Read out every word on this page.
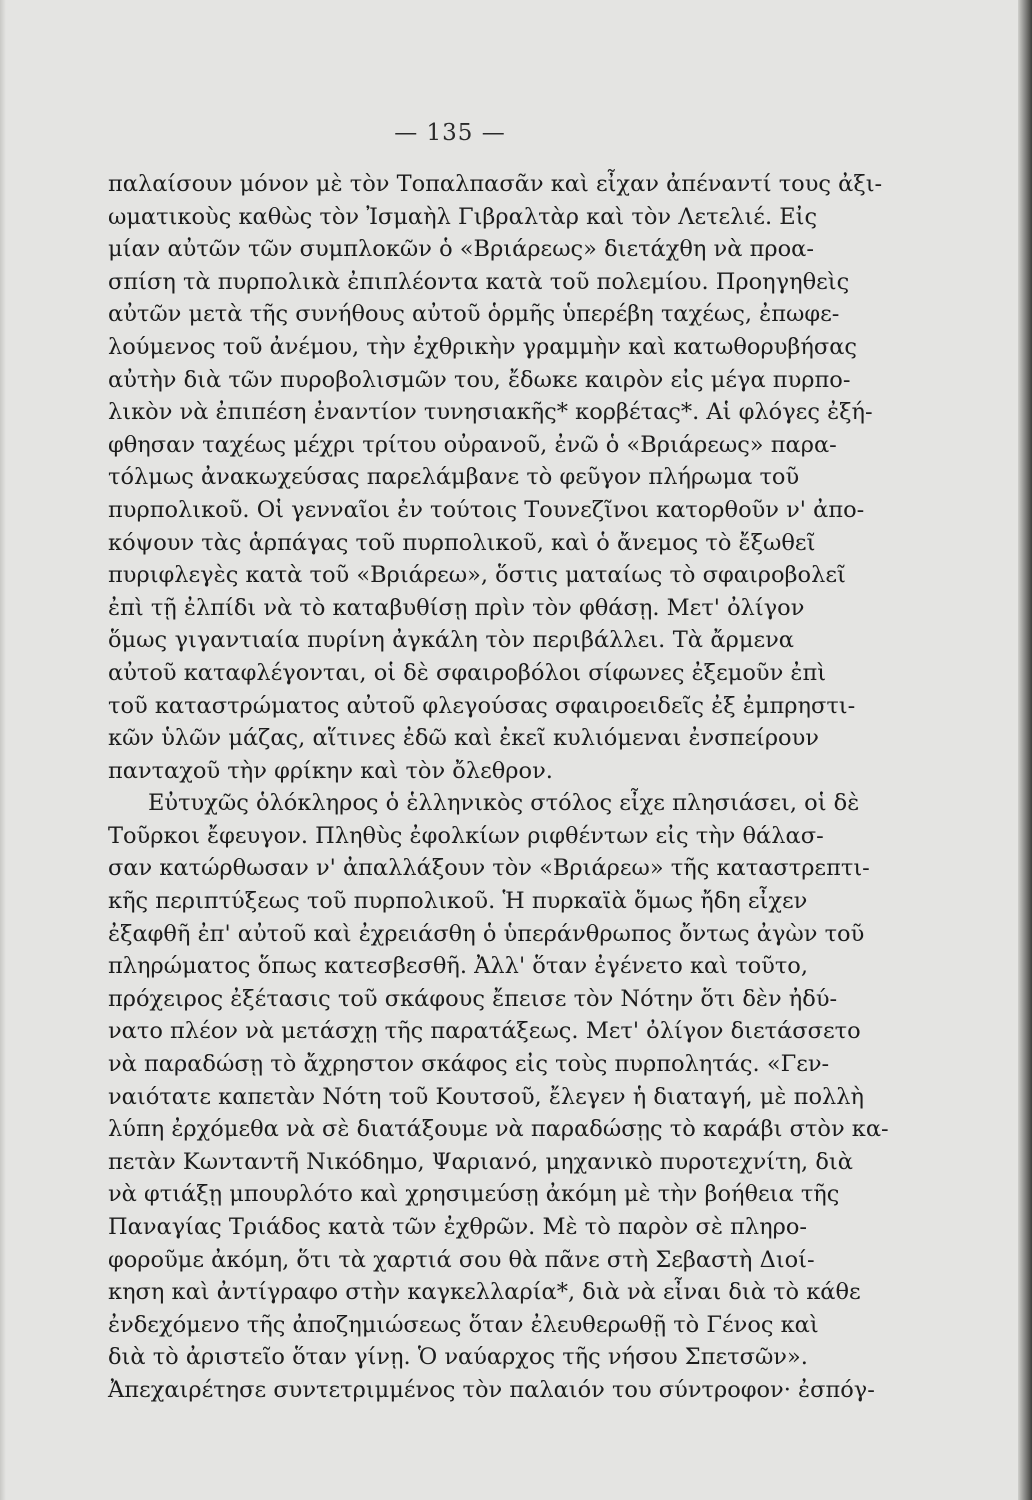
— 135 —
παλαίσουν μόνον μὲ τὸν Τοπαλπασᾶν καὶ εἶχαν ἀπέναντί τους ἀξι-
ωματικοὺς καθὼς τὸν Ἰσμαὴλ Γιβραλτὰρ καὶ τὸν Λετελιέ. Εἰς
μίαν αὐτῶν τῶν συμπλοκῶν ὁ «Βριάρεως» διετάχθη νὰ προα-
σπίση τὰ πυρπολικὰ ἐπιπλέοντα κατὰ τοῦ πολεμίου. Προηγηθεὶς
αὐτῶν μετὰ τῆς συνήθους αὐτοῦ ὁρμῆς ὑπερέβη ταχέως, ἐπωφε-
λούμενος τοῦ ἀνέμου, τὴν ἐχθρικὴν γραμμὴν καὶ κατωθορυβήσας
αὐτὴν διὰ τῶν πυροβολισμῶν του, ἔδωκε καιρὸν εἰς μέγα πυρπο-
λικὸν νὰ ἐπιπέση ἐναντίον τυνησιακῆς* κορβέτας*. Αἱ φλόγες ἐξή-
φθησαν ταχέως μέχρι τρίτου οὐρανοῦ, ἐνῶ ὁ «Βριάρεως» παρα-
τόλμως ἀνακωχεύσας παρελάμβανε τὸ φεῦγον πλήρωμα τοῦ
πυρπολικοῦ. Οἱ γενναῖοι ἐν τούτοις Τουνεζῖνοι κατορθοῦν ν' ἀπο-
κόψουν τὰς ἁρπάγας τοῦ πυρπολικοῦ, καὶ ὁ ἄνεμος τὸ ἔξωθεῖ
πυριφλεγὲς κατὰ τοῦ «Βριάρεω», ὅστις ματαίως τὸ σφαιροβολεῖ
ἐπὶ τῇ ἐλπίδι νὰ τὸ καταβυθίσῃ πρὶν τὸν φθάσῃ. Μετ' ὀλίγον
ὅμως γιγαντιαία πυρίνη ἀγκάλη τὸν περιβάλλει. Τὰ ἄρμενα
αὐτοῦ καταφλέγονται, οἱ δὲ σφαιροβόλοι σίφωνες ἐξεμοῦν ἐπὶ
τοῦ καταστρώματος αὐτοῦ φλεγούσας σφαιροειδεῖς ἐξ ἐμπρηστι-
κῶν ὑλῶν μάζας, αἵτινες ἐδῶ καὶ ἐκεῖ κυλιόμεναι ἐνσπείρουν
πανταχοῦ τὴν φρίκην καὶ τὸν ὄλεθρον.
Εὐτυχῶς ὁλόκληρος ὁ ἑλληνικὸς στόλος εἶχε πλησιάσει, οἱ δὲ
Τοῦρκοι ἔφευγον. Πληθὺς ἐφολκίων ριφθέντων εἰς τὴν θάλασ-
σαν κατώρθωσαν ν' ἀπαλλάξουν τὸν «Βριάρεω» τῆς καταστρεπτι-
κῆς περιπτύξεως τοῦ πυρπολικοῦ. Ἡ πυρκαϊὰ ὅμως ἤδη εἶχεν
ἐξαφθῆ ἐπ' αὐτοῦ καὶ ἐχρειάσθη ὁ ὑπεράνθρωπος ὄντως ἀγὼν τοῦ
πληρώματος ὅπως κατεσβεσθῆ. Ἀλλ' ὅταν ἐγένετο καὶ τοῦτο,
πρόχειρος ἐξέτασις τοῦ σκάφους ἔπεισε τὸν Νότην ὅτι δὲν ἠδύ-
νατο πλέον νὰ μετάσχῃ τῆς παρατάξεως. Μετ' ὀλίγον διετάσσετο
νὰ παραδώσῃ τὸ ἄχρηστον σκάφος εἰς τοὺς πυρπολητάς. «Γεν-
ναιότατε καπετὰν Νότη τοῦ Κουτσοῦ, ἔλεγεν ἡ διαταγή, μὲ πολλὴ
λύπη ἐρχόμεθα νὰ σὲ διατάξουμε νὰ παραδώσῃς τὸ καράβι στὸν κα-
πετὰν Κωνταντῆ Νικόδημο, Ψαριανό, μηχανικὸ πυροτεχνίτη, διὰ
νὰ φτιάξῃ μπουρλότο καὶ χρησιμεύσῃ ἀκόμη μὲ τὴν βοήθεια τῆς
Παναγίας Τριάδος κατὰ τῶν ἐχθρῶν. Μὲ τὸ παρὸν σὲ πληρο-
φοροῦμε ἀκόμη, ὅτι τὰ χαρτιά σου θὰ πᾶνε στὴ Σεβαστὴ Διοί-
κηση καὶ ἀντίγραφο στὴν καγκελλαρία*, διὰ νὰ εἶναι διὰ τὸ κάθε
ἐνδεχόμενο τῆς ἀποζημιώσεως ὅταν ἐλευθερωθῇ τὸ Γένος καὶ
διὰ τὸ ἀριστεῖο ὅταν γίνῃ. Ὁ ναύαρχος τῆς νήσου Σπετσῶν».
Ἀπεχαιρέτησε συντετριμμένος τὸν παλαιόν του σύντροφον· ἐσπόγ-
